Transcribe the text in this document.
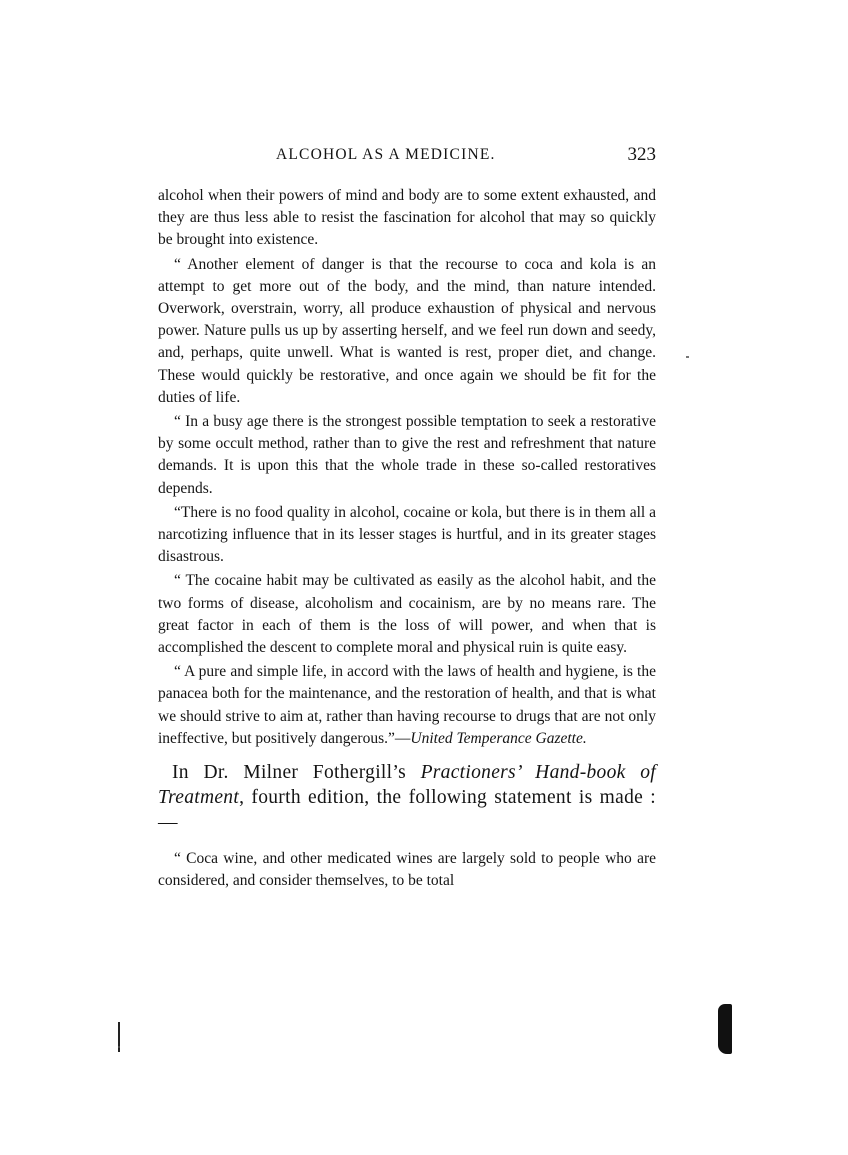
ALCOHOL AS A MEDICINE.	323

alcohol when their powers of mind and body are to some extent exhausted, and they are thus less able to resist the fascination for alcohol that may so quickly be brought into existence.

“ Another element of danger is that the recourse to coca and kola is an attempt to get more out of the body, and the mind, than nature intended. Overwork, overstrain, worry, all produce exhaustion of physical and nervous power. Nature pulls us up by asserting herself, and we feel run down and seedy, and, perhaps, quite unwell. What is wanted is rest, proper diet, and change. These would quickly be restorative, and once again we should be fit for the duties of life.

“ In a busy age there is the strongest possible temptation to seek a restorative by some occult method, rather than to give the rest and refreshment that nature demands. It is upon this that the whole trade in these so-called restoratives depends.

“There is no food quality in alcohol, cocaine or kola, but there is in them all a narcotizing influence that in its lesser stages is hurtful, and in its greater stages disastrous.

“ The cocaine habit may be cultivated as easily as the alcohol habit, and the two forms of disease, alcoholism and cocainism, are by no means rare. The great factor in each of them is the loss of will power, and when that is accomplished the descent to complete moral and physical ruin is quite easy.

“ A pure and simple life, in accord with the laws of health and hygiene, is the panacea both for the maintenance, and the restoration of health, and that is what we should strive to aim at, rather than having recourse to drugs that are not only ineffective, but positively dangerous.”—United Temperance Gazette.

In Dr. Milner Fothergill’s Practioners’ Hand-book of Treatment, fourth edition, the following statement is made :—

“ Coca wine, and other medicated wines are largely sold to people who are considered, and consider themselves, to be total
